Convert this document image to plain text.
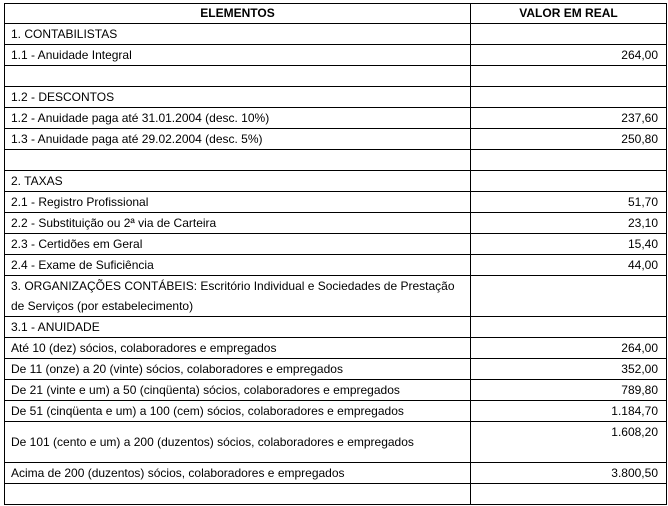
ELEMENTOS	VALOR EM REAL
1. CONTABILISTAS	
1.1 - Anuidade Integral	264,00

1.2 - DESCONTOS	
1.2 - Anuidade paga até 31.01.2004 (desc. 10%)	237,60
1.3 - Anuidade paga até 29.02.2004 (desc. 5%)	250,80

2. TAXAS	
2.1 - Registro Profissional	51,70
2.2 - Substituição ou 2ª via de Carteira	23,10
2.3 - Certidões em Geral	15,40
2.4 - Exame de Suficiência	44,00
3. ORGANIZAÇÕES CONTÁBEIS: Escritório Individual e Sociedades de Prestação de Serviços (por estabelecimento)	
3.1 - ANUIDADE	
Até 10 (dez) sócios, colaboradores e empregados	264,00
De 11 (onze) a 20 (vinte) sócios, colaboradores e empregados	352,00
De 21 (vinte e um) a 50 (cinqüenta) sócios, colaboradores e empregados	789,80
De 51 (cinqüenta e um) a 100 (cem) sócios, colaboradores e empregados	1.184,70
De 101 (cento e um) a 200 (duzentos) sócios, colaboradores e empregados	1.608,20
Acima de 200 (duzentos) sócios, colaboradores e empregados	3.800,50
